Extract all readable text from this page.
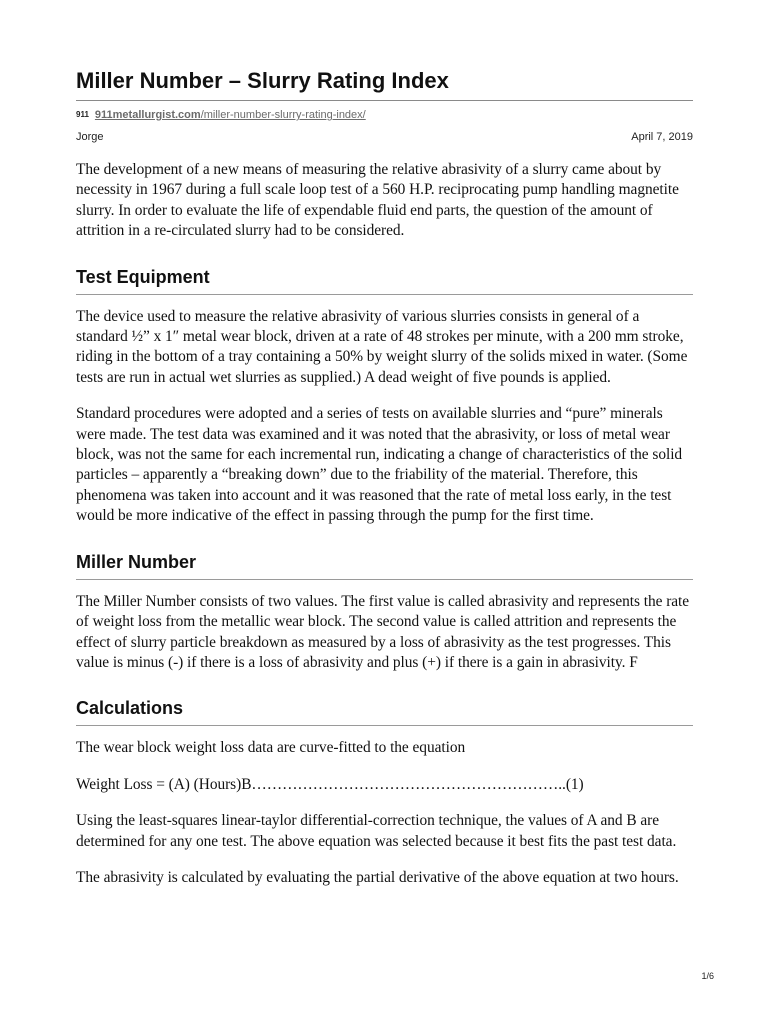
Miller Number – Slurry Rating Index
911 911metallurgist.com/miller-number-slurry-rating-index/
Jorge	April 7, 2019

The development of a new means of measuring the relative abrasivity of a slurry came about by necessity in 1967 during a full scale loop test of a 560 H.P. reciprocating pump handling magnetite slurry. In order to evaluate the life of expendable fluid end parts, the question of the amount of attrition in a re-circulated slurry had to be considered.

Test Equipment

The device used to measure the relative abrasivity of various slurries consists in general of a standard ½” x 1″ metal wear block, driven at a rate of 48 strokes per minute, with a 200 mm stroke, riding in the bottom of a tray containing a 50% by weight slurry of the solids mixed in water. (Some tests are run in actual wet slurries as supplied.) A dead weight of five pounds is applied.

Standard procedures were adopted and a series of tests on available slurries and “pure” minerals were made. The test data was examined and it was noted that the abrasivity, or loss of metal wear block, was not the same for each incremental run, indicating a change of characteristics of the solid particles – apparently a “breaking down” due to the friability of the material. Therefore, this phenomena was taken into account and it was reasoned that the rate of metal loss early, in the test would be more indicative of the effect in passing through the pump for the first time.

Miller Number

The Miller Number consists of two values. The first value is called abrasivity and represents the rate of weight loss from the metallic wear block. The second value is called attrition and represents the effect of slurry particle breakdown as measured by a loss of abrasivity as the test progresses. This value is minus (-) if there is a loss of abrasivity and plus (+) if there is a gain in abrasivity. F

Calculations

The wear block weight loss data are curve-fitted to the equation

Weight Loss = (A) (Hours)B……………………………………………………..(1)

Using the least-squares linear-taylor differential-correction technique, the values of A and B are determined for any one test. The above equation was selected because it best fits the past test data.

The abrasivity is calculated by evaluating the partial derivative of the above equation at two hours.

1/6
